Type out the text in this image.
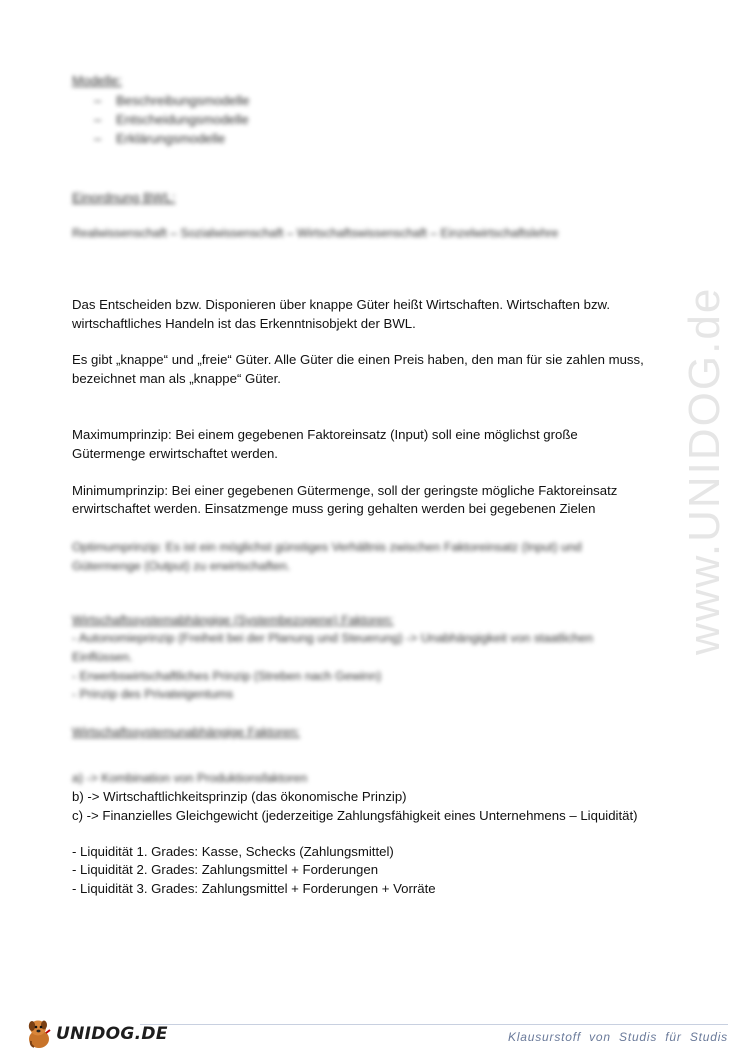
Modelle:
– Beschreibungsmodelle
– Entscheidungsmodelle
– Erklärungsmodelle
Einordnung BWL:
Realwissenschaft – Sozialwissenschaft – Wirtschaftswissenschaft – Einzelwirtschaftslehre
Das Entscheiden bzw. Disponieren über knappe Güter heißt Wirtschaften. Wirtschaften bzw.
wirtschaftliches Handeln ist das Erkenntnisobjekt der BWL.
Es gibt „knappe“ und „freie“ Güter. Alle Güter die einen Preis haben, den man für sie zahlen muss,
bezeichnet man als „knappe“ Güter.
Maximumprinzip: Bei einem gegebenen Faktoreinsatz (Input) soll eine möglichst große
Gütermenge erwirtschaftet werden.
Minimumprinzip: Bei einer gegebenen Gütermenge, soll der geringste mögliche Faktoreinsatz
erwirtschaftet werden. Einsatzmenge muss gering gehalten werden bei gegebenen Zielen
Optimumprinzip: Es ist ein möglichst günstiges Verhältnis zwischen Faktoreinsatz (Input) und
Gütermenge (Output) zu erwirtschaften.
Wirtschaftssystemabhängige (Systembezogene) Faktoren:
- Autonomieprinzip (Freiheit bei der Planung und Steuerung) -> Unabhängigkeit von staatlichen
Einflüssen.
- Erwerbswirtschaftliches Prinzip (Streben nach Gewinn)
- Prinzip des Privateigentums
Wirtschaftssystemunabhängige Faktoren:
a) -> Kombination von Produktionsfaktoren
b) -> Wirtschaftlichkeitsprinzip (das ökonomische Prinzip)
c) -> Finanzielles Gleichgewicht (jederzeitige Zahlungsfähigkeit eines Unternehmens – Liquidität)
- Liquidität 1. Grades: Kasse, Schecks (Zahlungsmittel)
- Liquidität 2. Grades: Zahlungsmittel + Forderungen
- Liquidität 3. Grades: Zahlungsmittel + Forderungen + Vorräte
www.UNIDOG.de
UNIDOG.DE	Klausurstoff von Studis für Studis
